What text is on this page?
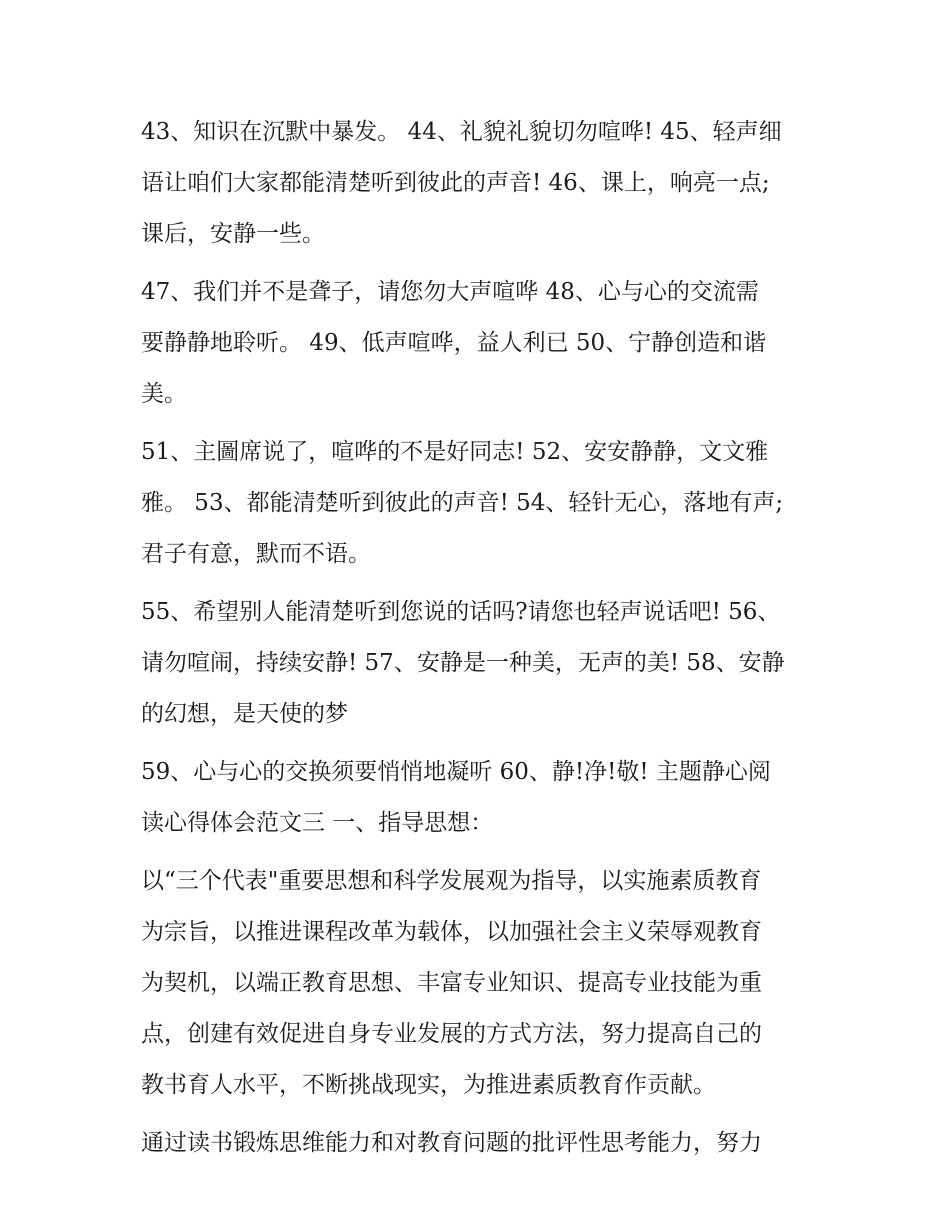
43、知识在沉默中暴发。 44、礼貌礼貌切勿喧哗! 45、轻声细
语让咱们大家都能清楚听到彼此的声音! 46、课上，响亮一点;
课后，安静一些。
47、我们并不是聋子，请您勿大声喧哗 48、心与心的交流需
要静静地聆听。 49、低声喧哗，益人利已 50、宁静创造和谐
美。
51、主圖席说了，喧哗的不是好同志! 52、安安静静，文文雅
雅。 53、都能清楚听到彼此的声音! 54、轻针无心，落地有声;
君子有意，默而不语。
55、希望别人能清楚听到您说的话吗?请您也轻声说话吧! 56、
请勿喧闹，持续安静! 57、安静是一种美，无声的美! 58、安静
的幻想，是天使的梦
59、心与心的交换须要悄悄地凝听 60、静!净!敬! 主题静心阅
读心得体会范文三 一、指导思想：
以“三个代表"重要思想和科学发展观为指导，以实施素质教育
为宗旨，以推进课程改革为载体，以加强社会主义荣辱观教育
为契机，以端正教育思想、丰富专业知识、提高专业技能为重
点，创建有效促进自身专业发展的方式方法，努力提高自己的
教书育人水平，不断挑战现实，为推进素质教育作贡献。
通过读书锻炼思维能力和对教育问题的批评性思考能力，努力
